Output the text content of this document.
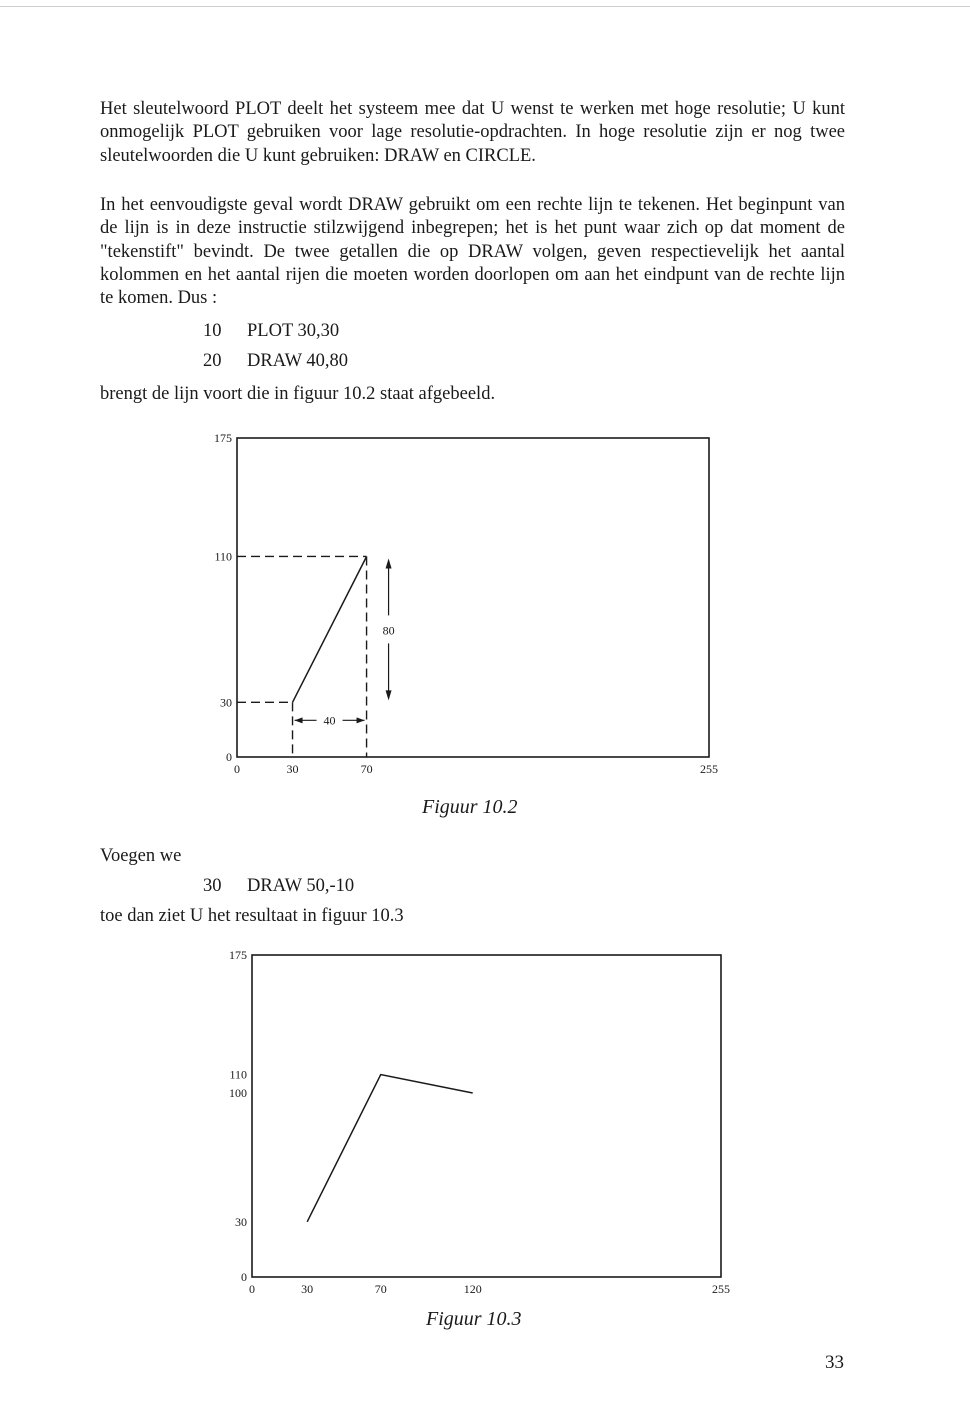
Het sleutelwoord PLOT deelt het systeem mee dat U wenst te werken met hoge resolutie; U kunt onmogelijk PLOT gebruiken voor lage resolutie-opdrachten. In hoge resolutie zijn er nog twee sleutelwoorden die U kunt gebruiken: DRAW en CIRCLE.

In het eenvoudigste geval wordt DRAW gebruikt om een rechte lijn te tekenen. Het beginpunt van de lijn is in deze instructie stilzwijgend inbegrepen; het is het punt waar zich op dat moment de "tekenstift" bevindt. De twee getallen die op DRAW volgen, geven respectievelijk het aantal kolommen en het aantal rijen die moeten worden doorlopen om aan het eindpunt van de rechte lijn te komen. Dus :

10 PLOT 30,30
20 DRAW 40,80
brengt de lijn voort die in figuur 10.2 staat afgebeeld.
175
110
30
0
0	30	70	255
40
80
Figuur 10.2
Voegen we
30 DRAW 50,-10
toe dan ziet U het resultaat in figuur 10.3
175
110
100
30
0
0	30	70	120	255
Figuur 10.3
33
